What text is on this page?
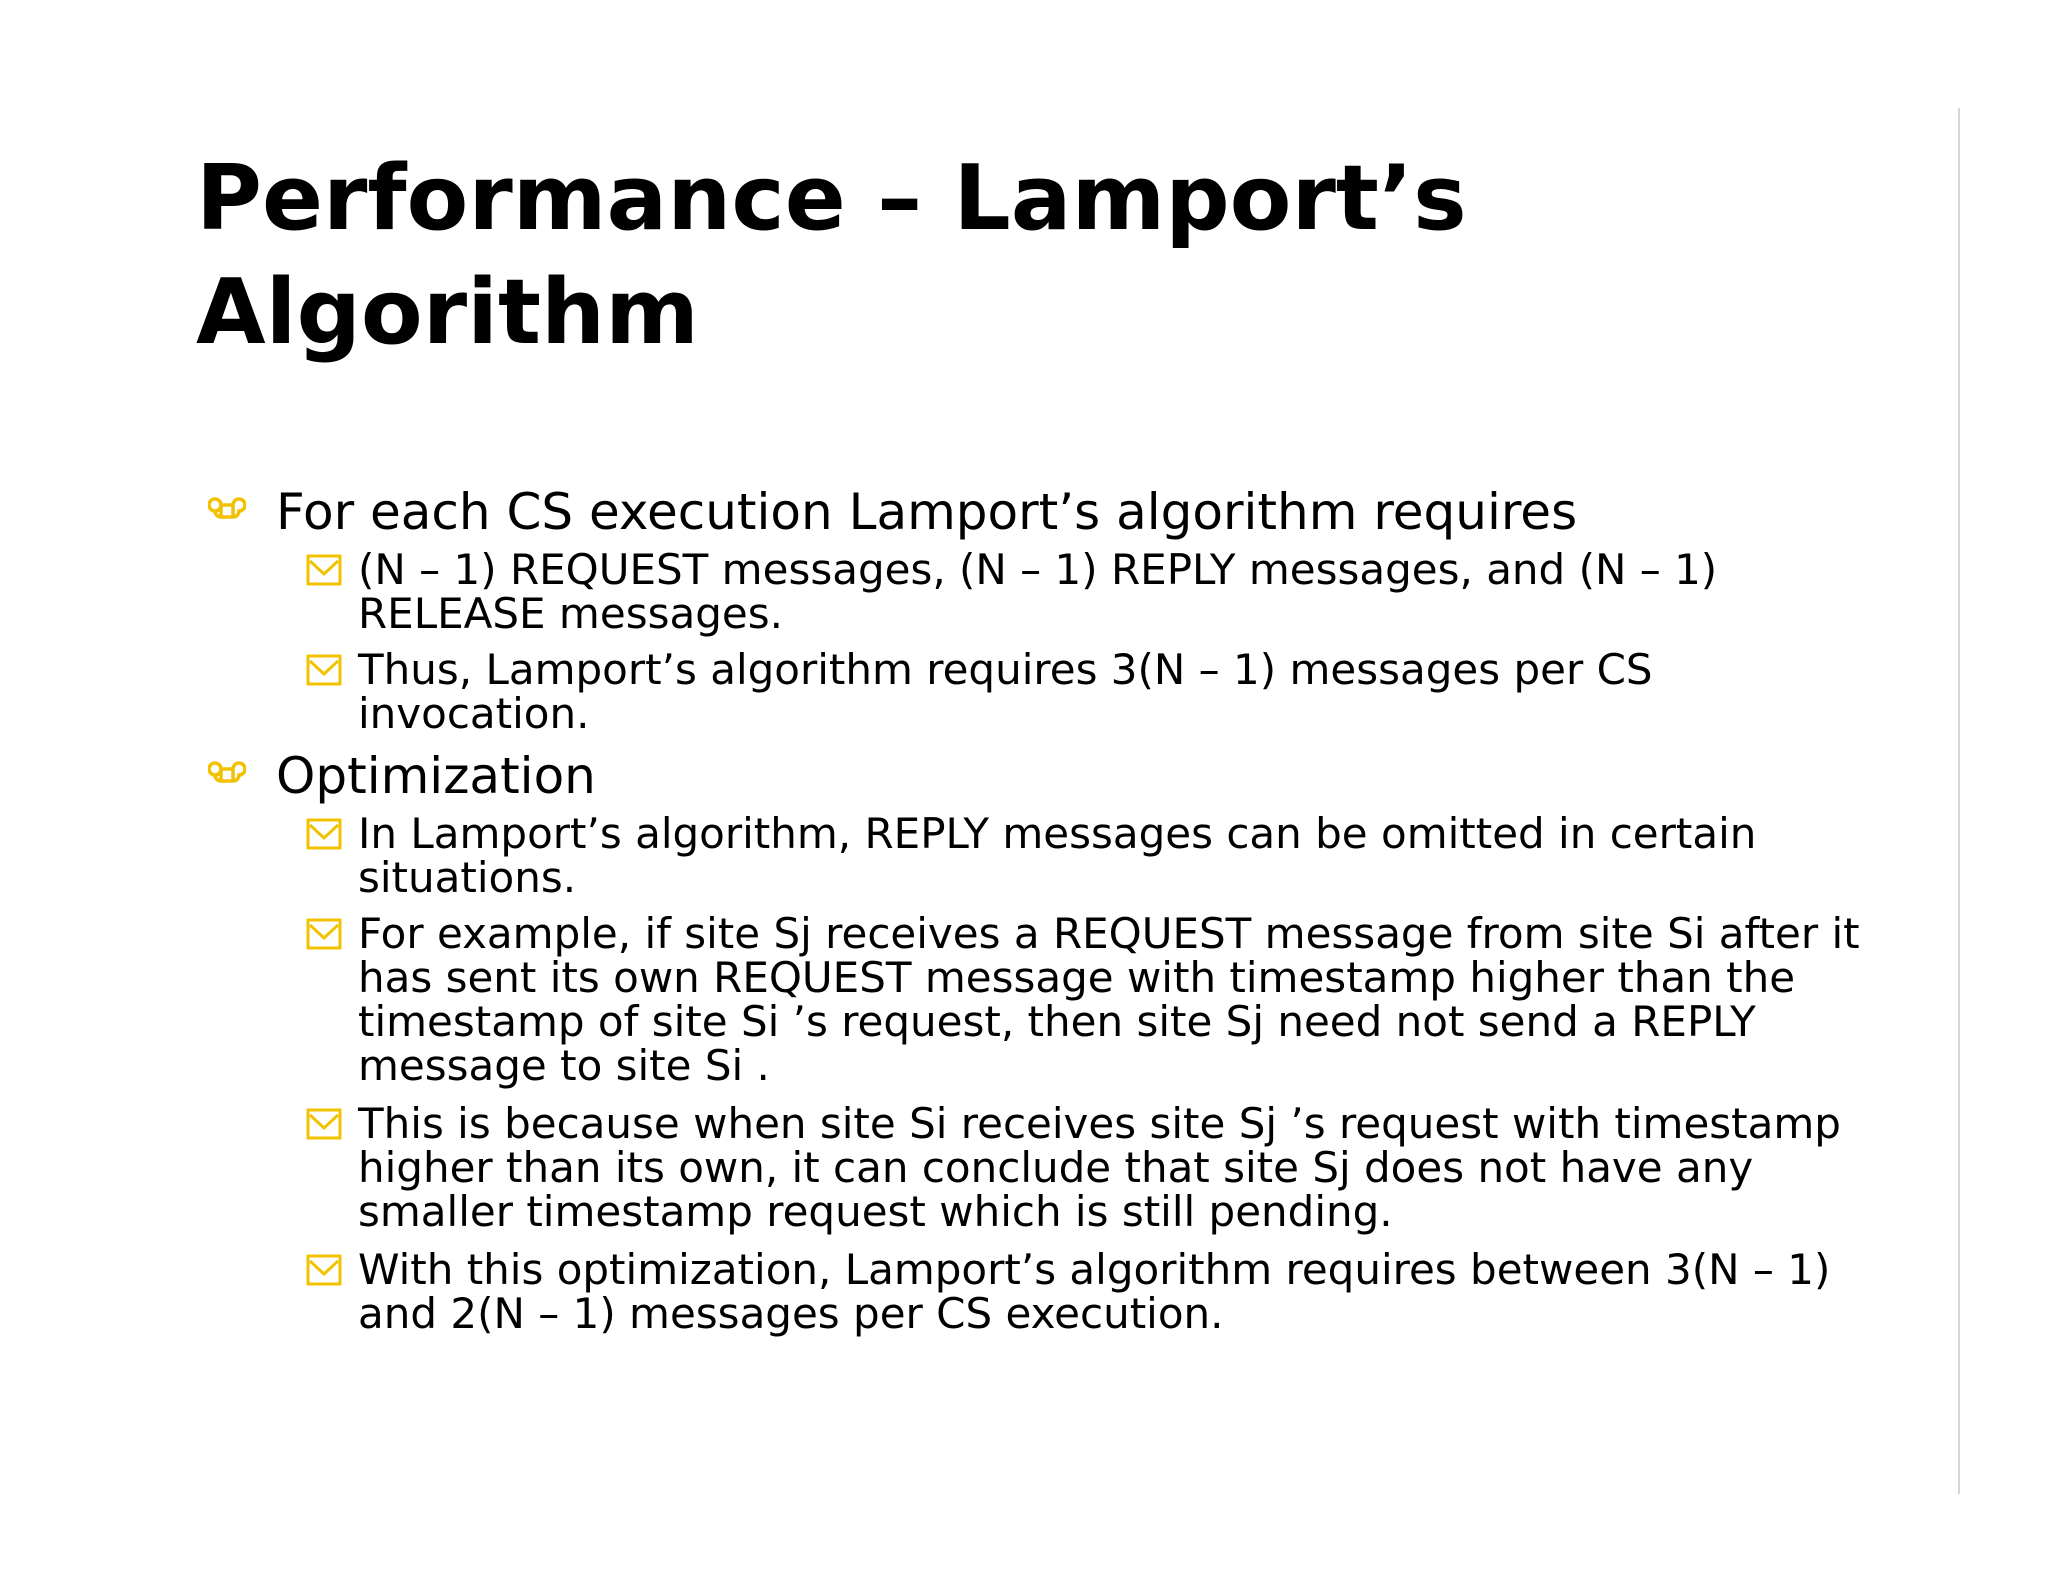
Performance – Lamport’s
Algorithm
For each CS execution Lamport’s algorithm requires
(N – 1) REQUEST messages, (N – 1) REPLY messages, and (N – 1)
RELEASE messages.
Thus, Lamport’s algorithm requires 3(N – 1) messages per CS
invocation.
Optimization
In Lamport’s algorithm, REPLY messages can be omitted in certain
situations.
For example, if site Sj receives a REQUEST message from site Si after it
has sent its own REQUEST message with timestamp higher than the
timestamp of site Si ’s request, then site Sj need not send a REPLY
message to site Si .
This is because when site Si receives site Sj ’s request with timestamp
higher than its own, it can conclude that site Sj does not have any
smaller timestamp request which is still pending.
With this optimization, Lamport’s algorithm requires between 3(N – 1)
and 2(N – 1) messages per CS execution.
